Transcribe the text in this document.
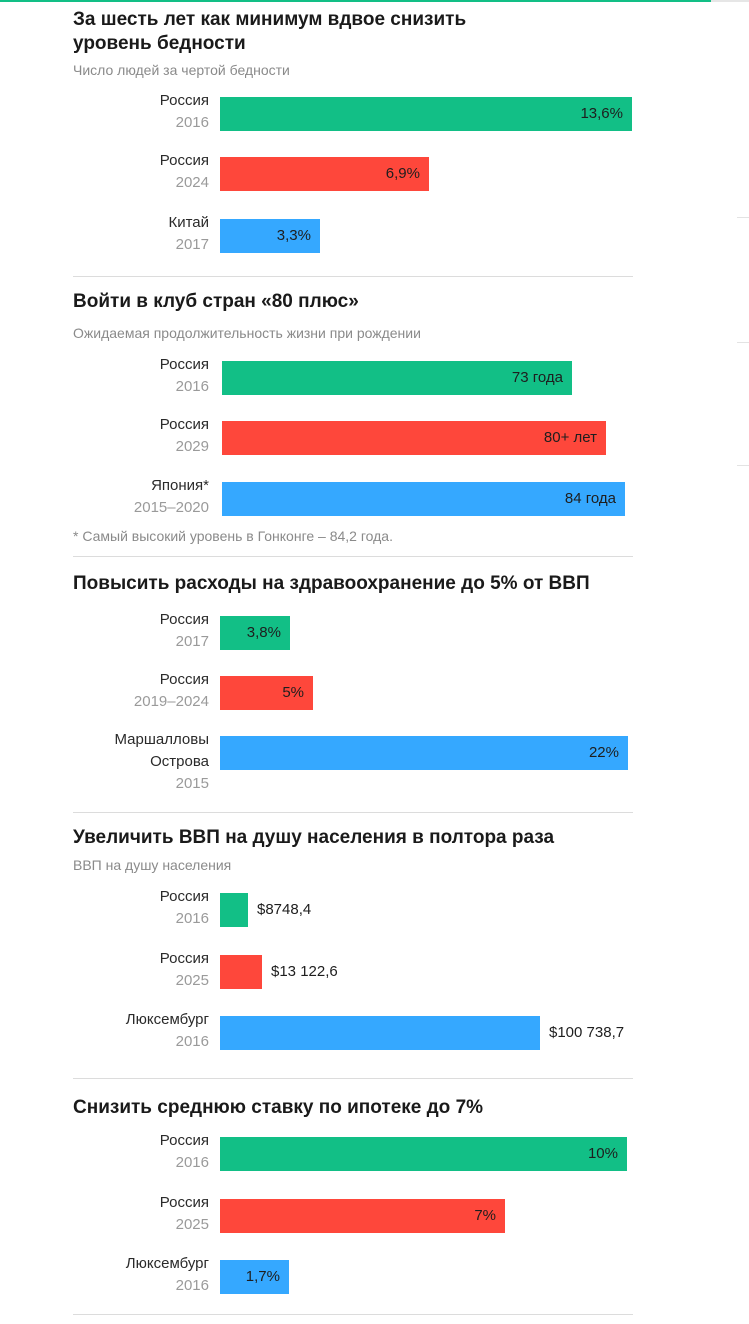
За шесть лет как минимум вдвое снизить уровень бедности
Число людей за чертой бедности
Россия
2016
13,6%
Россия
2024
6,9%
Китай
2017
3,3%
Войти в клуб стран «80 плюс»
Ожидаемая продолжительность жизни при рождении
Россия
2016
73 года
Россия
2029
80+ лет
Япония*
2015–2020
84 года
* Самый высокий уровень в Гонконге – 84,2 года.
Повысить расходы на здравоохранение до 5% от ВВП
Россия
2017
3,8%
Россия
2019–2024
5%
Маршалловы
Острова
2015
22%
Увеличить ВВП на душу населения в полтора раза
ВВП на душу населения
Россия
2016
$8748,4
Россия
2025
$13 122,6
Люксембург
2016
$100 738,7
Снизить среднюю ставку по ипотеке до 7%
Россия
2016
10%
Россия
2025
7%
Люксембург
2016
1,7%
